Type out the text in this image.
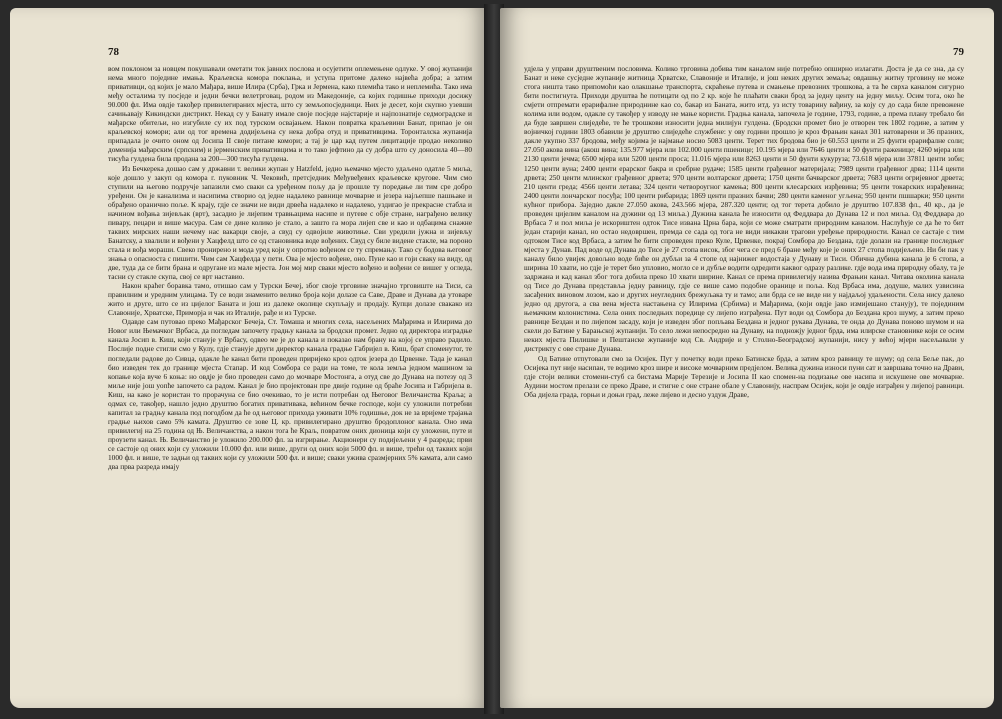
78

вом поклоном за новцем покушавали ометати ток јавних послова и осујетити оплемењене одлуке. У овој жупанији нема много поједине имања. Краљевска комора поклања, и уступа притоме далеко највећа добра; а затим привативци, од којих је мало Мађара, више Илира (Срба), Грка и Јермена, како племића тако и неплемића. Тако има међу осталима ту посједе и једни бечки велетрговац, родом из Македоније, са којих годишње приходи досижу 90.000 фл. Има овдје такођер привилегираних мјеста, што су земљопосједници. Њих је десет, који скупно узевши сачињавају Кикиндски дистрикт. Некад су у Банату имале своје посједе најстарије и најпознатије седмоградске и мађарске обитељи, но изгубиле су их под турском освајањем. Након повратка краљевини Банат, припао је он краљевској комори; али од тог времена додијељена су нека добра отуд и привативцима. Торонталска жупанија припадала је очито оном од Јосипа II своје питане комори; а тај је цар кад путем лицитације продао неколико доменија мађарским (српским) и јерменским привативцима и то тако јефтино да су добра што су доносила 40—80 тисућа гулдена била продана за 200—300 тисућа гулдена.

Из Бечкерека дошао сам у државни т. велики жупан у Hatzfeld, једно њемачко мјесто удаљено одатле 5 миља, које дошло у закуп од комора г. пуковник Ч. Чековић, претсједник Међувеђевих краљевске кругове. Чим смо ступили на његово подручје запазили смо сваки са уређеном пољу да је прошле ту поредање ли тим сре добро уређени. Он је канализма и насипима створио од једне надалеко равнице мочварне и језера најљепше пашњаке и обрађено оранично поље. К крају, гдје се значи не види дрвећа надалеко и надалеко, уздигао је прекрасне стабла и начином вођања зијевљак (врт), засадио је лијепим травњацима насипе и путеве с обје стране, награђено велику пивару, пецари и више масура. Сам се дине колико је стало, а зашто га мора лијеп све и као и одбацима снажне таквих мирских наши нечему нас вакарци своје, а свуд су одвојиле животиње. Сви уредили јужна и зијевљу Банатску, а хвалили и вођени у Хацфелд што се од становника воде вођених. Свуд су биле видене стакле, ма пороно стала и вођа мораши. Свеко пронирено и мода уред који у опротно вођеном се ту спремању. Тако су бодова његовог знања о опасноста с пишити. Чим сам Хацфелда у пети. Ова је мјесто вођене, оно. Пуне као и гоји сваку на виду, од две, туда да се бити брана и одругане из мале мјеста. Јон мој мир сваки мјесто вођено и вођени се вишег у огледа, тасни су стакле скупа, свој се врт наставио.

Након краћег боравка тамо, отишао сам у Турски Бечеј, због своје трговине значајно трговиште на Тиси, са правилним и уредним улицама. Ту се води знаменито велико броја који долазе са Саве, Драве и Дунава да утоваре жито и друге, што се из цијелог Баната и још из далеке околице скупљају и продају. Купци долазе свакако из Славоније, Хрватске, Приморја и чак из Италије, рађе и из Турске.

Одавде сам путовао преко Мађарског Бечеја, Ст. Томаша и многих села, насељених Мађарима и Илирима до Новог или Њемачког Врбаса, да погледам започету градњу канала за бродски промет. Једно од директора изградње канала Јосип в. Киш, који станује у Врбасу, одвео ме је до канала и показао нам брану на којој се управо радило. Послије подне стигли смо у Кулу, гдје станује други директор канала градње Габријел в. Киш, брат споменутог, те погледали радове до Сивца, одакле ће канал бити проведен приријеко кроз одток језера до Црвенке. Тада је канал био изведен тек до границе мјеста Стапар. И код Сомбора се ради на томе, те кола земља једном машином за копање која вуче 6 коња: но овдје је био проведен само до мочваре Мостонга, а отуд све до Дунава на потезу од 3 миље није још уопће започето са радом. Канал је био пројектован пре двије године од браће Јосипа и Габријела в. Киш, на како је користан то прорачуна се био очекивао, то је исти потребан од Његовог Величанства Краља; а одмах се, такођер, нашло једно друштво богатих привативака, већином бечке господе, који су уложили потребни капитал за градњу канала под погодбом да ће од његовог прихода уживати 10% годишње, док не за вријеме трајања градње њихов само 5% камата. Друштво се зове Ц. кр. привилегирано друштво бродоплоног канала. Оно има привилегиј на 25 година од Њ. Величанства, а након тога ће Краљ, повратом оних дионица који су уложени, путе и проузети канал. Њ. Величанство је уложило 200.000 фл. за изгрирање. Акционери су подијељени у 4 разреда; први се састоје од оних који су уложили 10.000 фл. или више, други од оних који 5000 фл. и више, трећи од таквих који 1000 фл. и више, те задњи од таквих који су уложили 500 фл. и више; сваки ужива сразмјерних 5% камата, али само два прва разреда имају

79

удјела у управи друштвеним пословима. Колико трговина добива тим каналом није потребно опширно излагати. Доста је да се зна, да су Банат и неке сусједне жупаније житница Хрватске, Славоније и Италије, и још неких других земаља; овдашњу житну трговину не може стога ништа тако припомоћи као олакшање транспорта, скраћење путева и смањење превозних трошкова, а та ће сврха каналом сигурно бити постигнута. Приходи друштва ће потицати од по 2 кр. које ће плаћати сваки брод за једну центу на једну миљу. Осим тога, око ће смјети отпремати ерарифалне природнине као со, бакар из Баната, жито итд. уз исту товарину вађину, за коју су до сада биле превожене колима или водом, одакле су такођер у изводу не мање користи. Градња канала, започела је године, 1793, године, а према плану требало би да буде завршен слиједеће, те ће трошкови износити једна милијун гулдена. (Бродски промет био је отворен тек 1802 године, а затим у војничкој години 1803 обавили је друштво слиједеће службене: у ову години прошло је кроз Фрањин канал 301 натоварени и 36 празних, дакле укупно 337 бродова, међу којима је најмање носио 5083 центи. Терет тих бродова био је 60.553 центи и 25 фунти ерарифалне соли; 27.050 акова вина (акош вина; 135.977 мјера или 102.000 центи пшенице; 10.195 мјера или 7646 центи и 50 фунти раженице; 4260 мјера или 2130 центи јечма; 6500 мјера или 5200 центи проса; 11.016 мјера или 8263 центи и 50 фунти кукуруза; 73.618 мјера или 37811 центи зоби; 1250 центи вуна; 2400 центи ерарског бакра и сребрне рудаче; 1585 центи грађевног материјала; 7989 центи грађевног дрва; 1114 центи дрвета; 250 центи млинског грађевног дрвета; 970 центи волтарског дрвета; 1750 центи бачварског дрвета; 7683 центи огријевног дрвета; 210 центи греда; 4566 центи летава; 324 центи четвороугног камења; 800 центи клесарских изрђевина; 95 центи токарских израђевина; 2400 центи лончарског посуђа; 100 центи рибарида; 1869 центи празних бачви; 280 центи каменог угљена; 950 центи пшшарки; 950 центи кућног прибора. Заједно даклe 27.050 акова, 243.566 мјера, 287.320 центи; од тог терета добило је друштво 107.838 фл., 40 кр., да је проведен цијелим каналом на дужини од 13 миља.) Дужина канала ће износити од Феддвара до Дунава 12 и пол миља. Од Феддвара до Врбаса 7 и пол миља је искориштен одток Тисе извана Црна бара, који се може сматрати природним каналом. Наслућује се да ће то бит један старији канал, но остао недовршен, премда се сада од тога не види никакви трагови уређење природности. Канал се састаје с тим одтоком Тисе код Врбаса, а затим ће бити спроведен преко Куле, Црвенке, покрај Сомбора до Бездана, гдје долази на границе последњег мјеста у Дунав. Пад воде од Дунава до Тисе је 27 стопа висок, због чега се пред 6 бране међу које је оних 27 стопа подијељено. Ни би пак у каналу било увијек довољно воде бићe он дубљи за 4 стопе од најнижег водостаја у Дунаву и Тиси. Обична дубина канала је 6 стопа, а ширина 10 хвати, но гдје је терет био упловио, могло се и дубље водити одредити каквог одразу разлике. гдје вода има природну обалу, та је задржана и кад канал због тога добила преко 10 хвати ширине. Канал се према привилегију назива Фрањин канал. Читава околина канала од Тисе до Дунава представља једну равницу, гдје се више само подобне оранице и поља. Код Врбаса има, додуше, малих узвисина засађених виновом лозом, као и других неугледних брежуљака ту и тамо; али брда се не виде ни у најдаљој удаљености. Села нису далеко једно од другога, а сва вена мјеста настањена су Илирима (Србима) и Мађарима, (који овдје јако измијешано станују), те појединим њемачким колонистима. Села оних последњих поредице су лијепо изграђена. Пут води од Сомбора до Бездана кроз шуму, а затим преко равнице Бездан и по лијепом засаду, који је изведен због попљава Бездана и једног рукава Дунава, те онда до Дунава поново шумом и на скели до Батине у Барањској жупанији. То село лежи непосредно на Дунаву, на подножју једног брда, има илирске становнике који се осим неких мјеста Пилишке и Пештанске жупаније код Св. Андрије и у Столно-Београдској жупанији, нису у већој мјери насељавали у дистрикту с ове стране Дунава.

Од Батине отпутовали смо за Осијек. Пут у почетку води преко Батинске брда, а затим кроз равницу те шуму; од села Беље пак, до Осијека пут није насипан, те водимо кроз шире и високe мочварним предјелом. Велика дужина износи пуни сат и завршава точно на Драви, гдје стоји велики стомени-стуб са бистама Марије Терезије и Јосипа II као спомен-на подизање ове насипа и искушене ове мочварне. Аудини мостом прелази се преко Драве, и стигне с оне стране обале у Славонију, наспрам Осијек, који је овдје изграђен у лијепој равници. Оба дијела града, горњи и доњи град, леже лијево и десно уздуж Драве,
